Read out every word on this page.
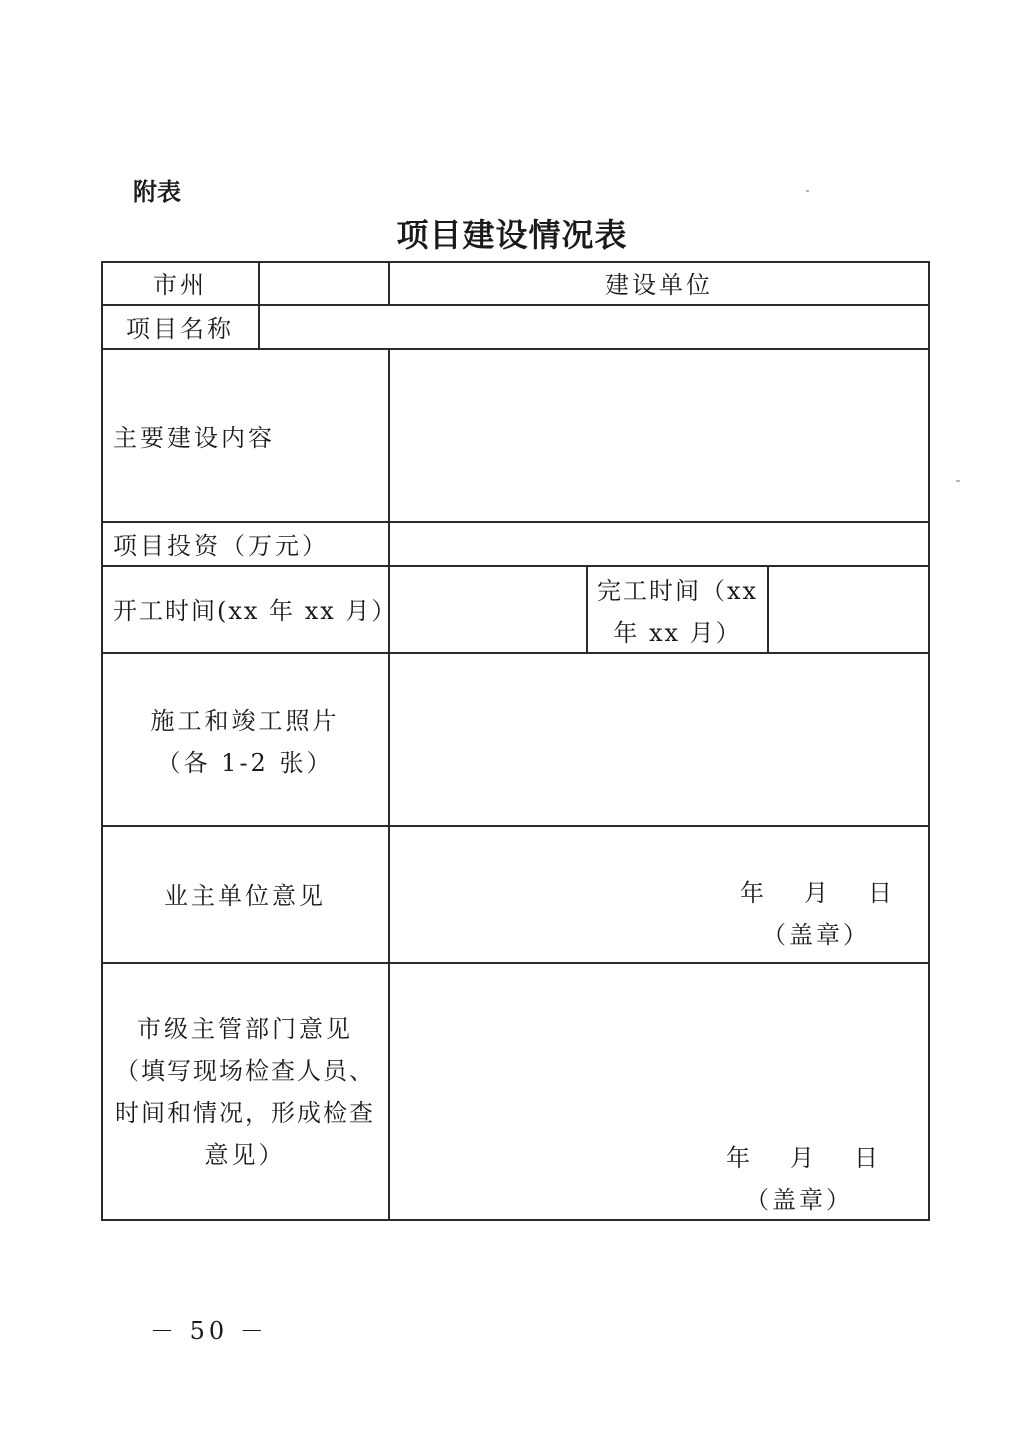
附表
项目建设情况表
市州	建设单位
项目名称
主要建设内容
项目投资（万元）
开工时间(xx 年 xx 月）
完工时间（xx
年 xx 月）
施工和竣工照片
（各 1-2 张）
业主单位意见	年　月　日
（盖章）
市级主管部门意见
（填写现场检查人员、
时间和情况，形成检查
意见）	年　月　日
（盖章）
－ 50 －
